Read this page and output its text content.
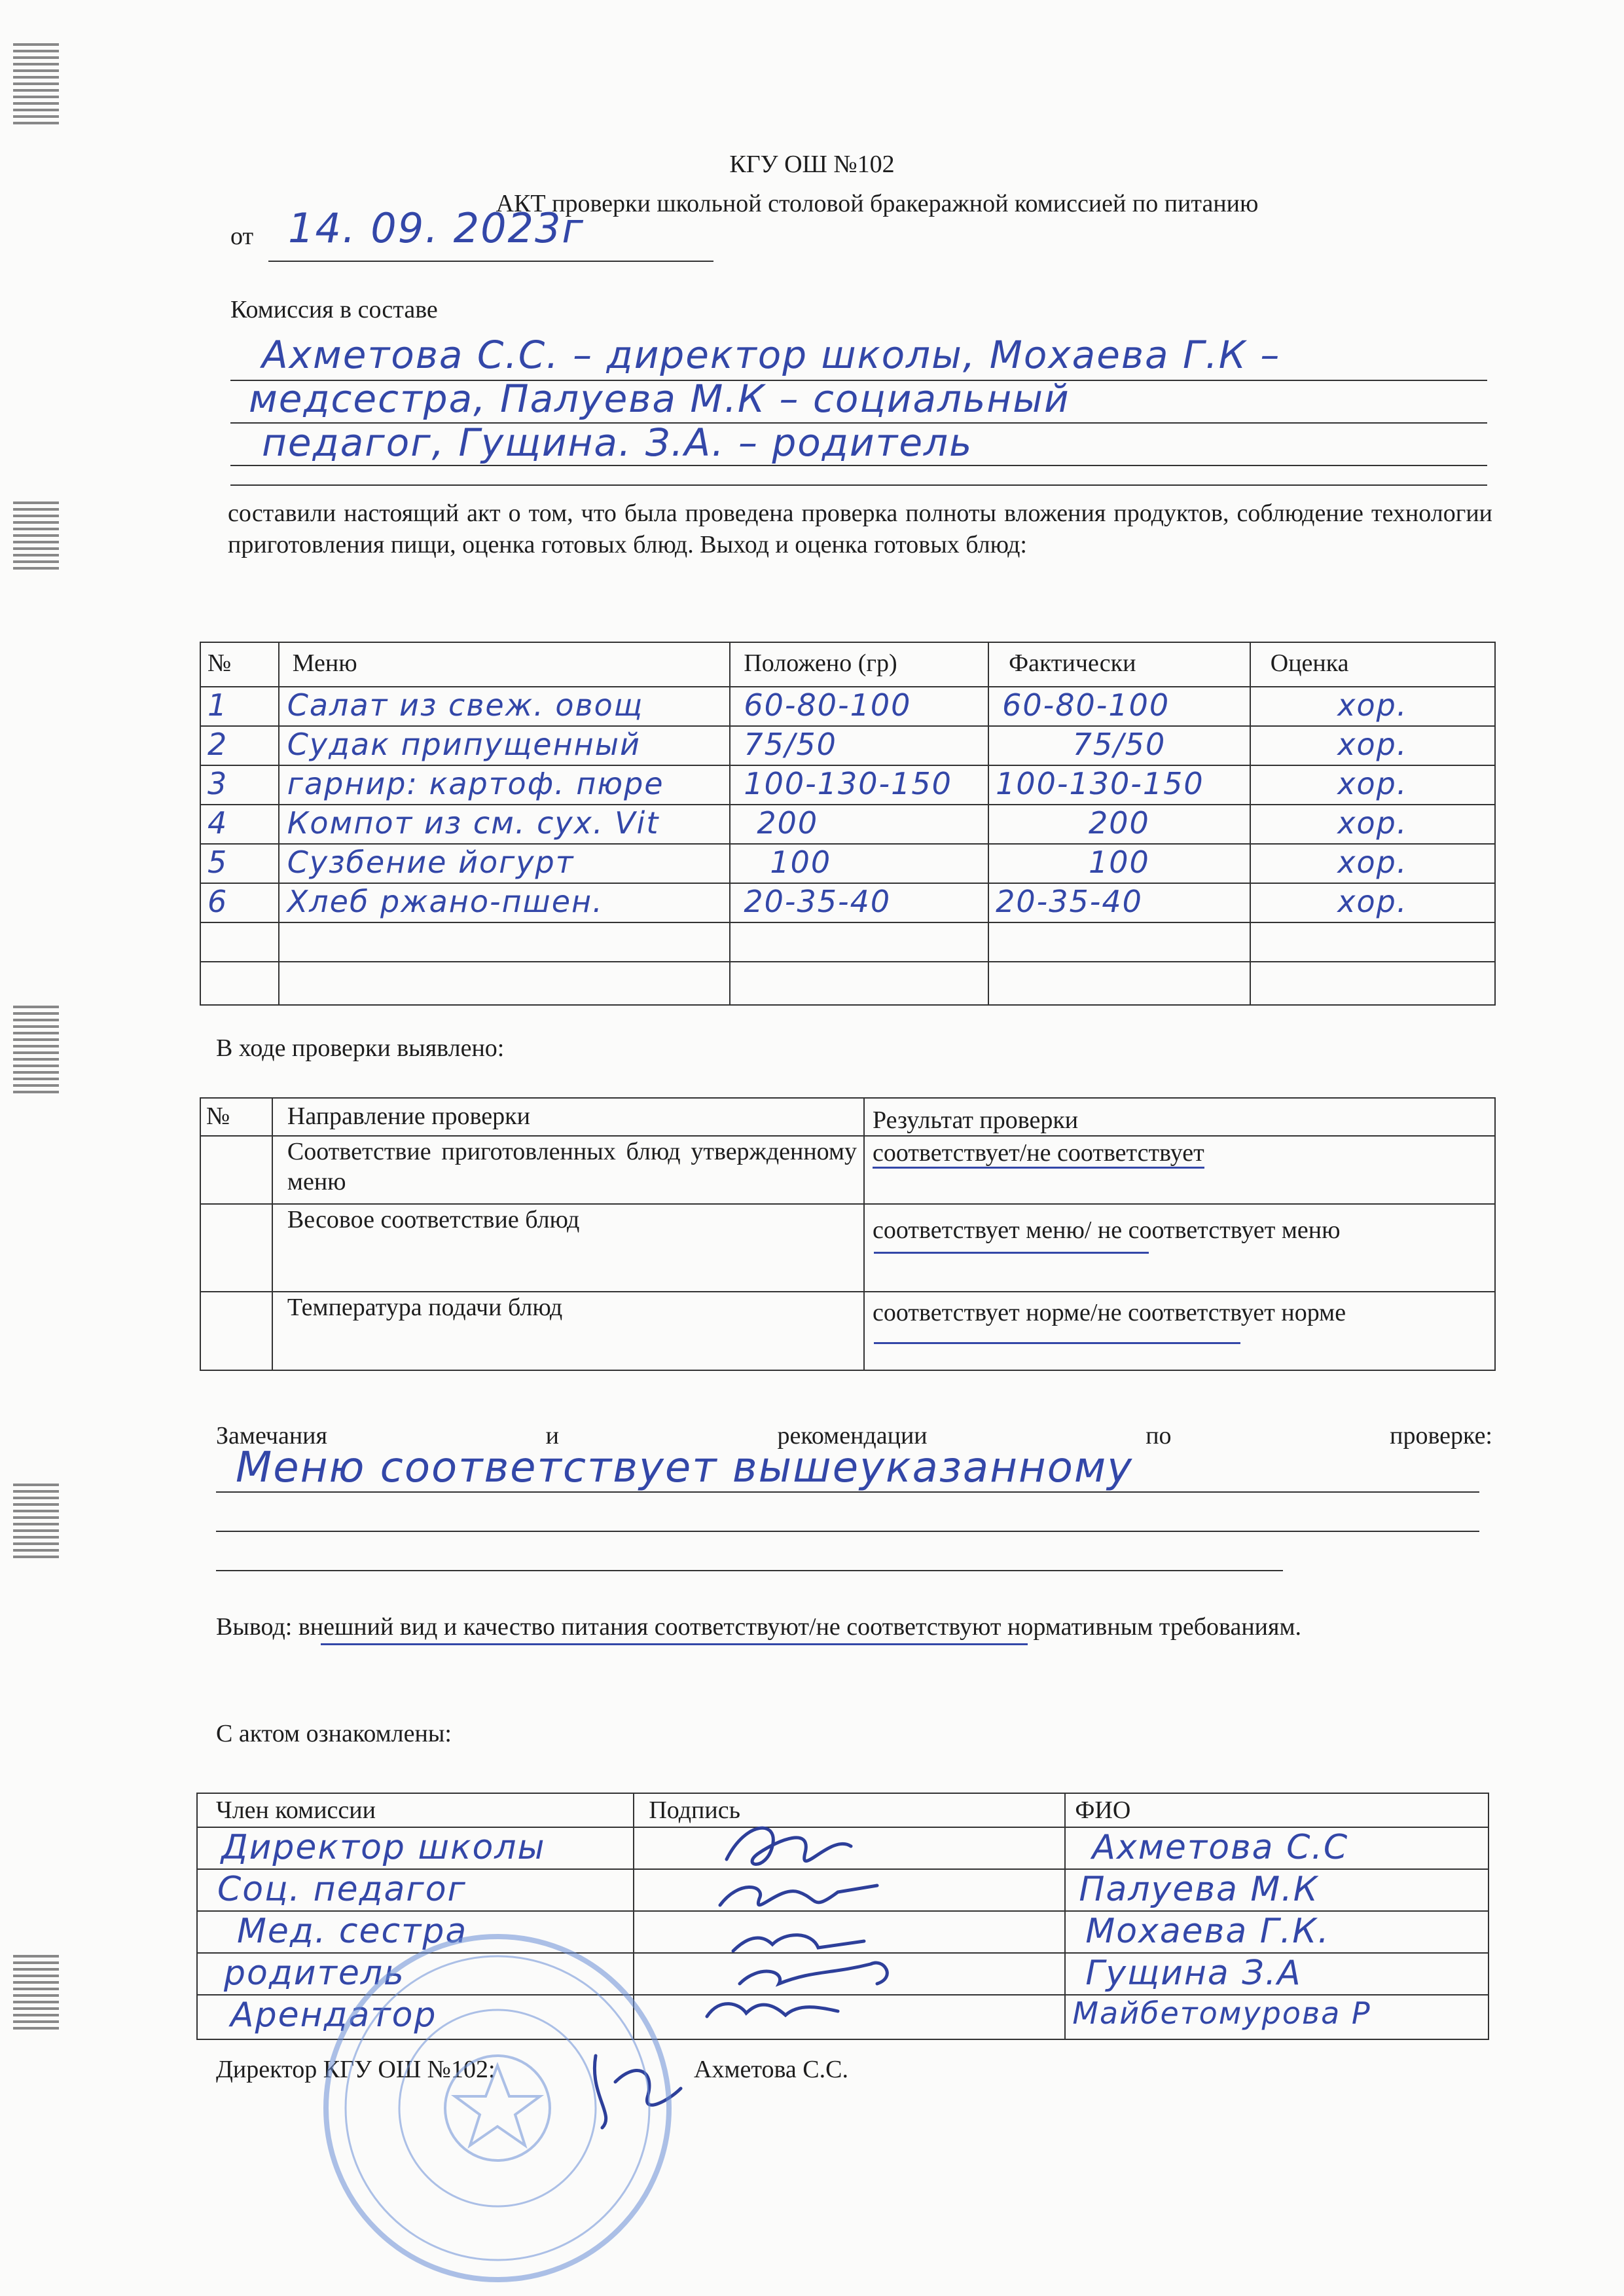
КГУ ОШ №102
АКТ проверки школьной столовой бракеражной комиссией по питанию
от 14. 09. 2023г
Комиссия в составе
Ахметова С.С. – директор школы, Мохаева Г.К –
медсестра, Палуева М.К – социальный
педагог, Гущина. З.А. – родитель
составили настоящий акт о том, что была проведена проверка полноты вложения продуктов, соблюдение технологии приготовления пищи, оценка готовых блюд. Выход и оценка готовых блюд:
№	Меню	Положено (гр)	Фактически	Оценка
1	Салат из свеж. овощ	60-80-100	60-80-100	хор.
2	Судак припущенный	75/50	75/50	хор.
3	гарнир: картоф. пюре	100-130-150	100-130-150	хор.
4	Компот из см. сух. Vit	200	200	хор.
5	Сузбение йогурт	100	100	хор.
6	Хлеб ржано-пшен.	20-35-40	20-35-40	хор.

В ходе проверки выявлено:
№	Направление проверки	Результат проверки
	Соответствие приготовленных блюд утвержденному меню	соответствует/не соответствует
	Весовое соответствие блюд	соответствует меню/ не соответствует меню
	Температура подачи блюд	соответствует норме/не соответствует норме
Замечания и рекомендации по проверке:
Меню соответствует вышеуказанному
Вывод: внешний вид и качество питания соответствуют/не соответствуют нормативным требованиям.
С актом ознакомлены:
Член комиссии	Подпись	ФИО
Директор школы		Ахметова С.С
Соц. педагог		Палуева М.К
Мед. сестра		Мохаева Г.К.
родитель		Гущина З.А
Арендатор		Майбетомурова Р
Директор КГУ ОШ №102:	Ахметова С.С.
